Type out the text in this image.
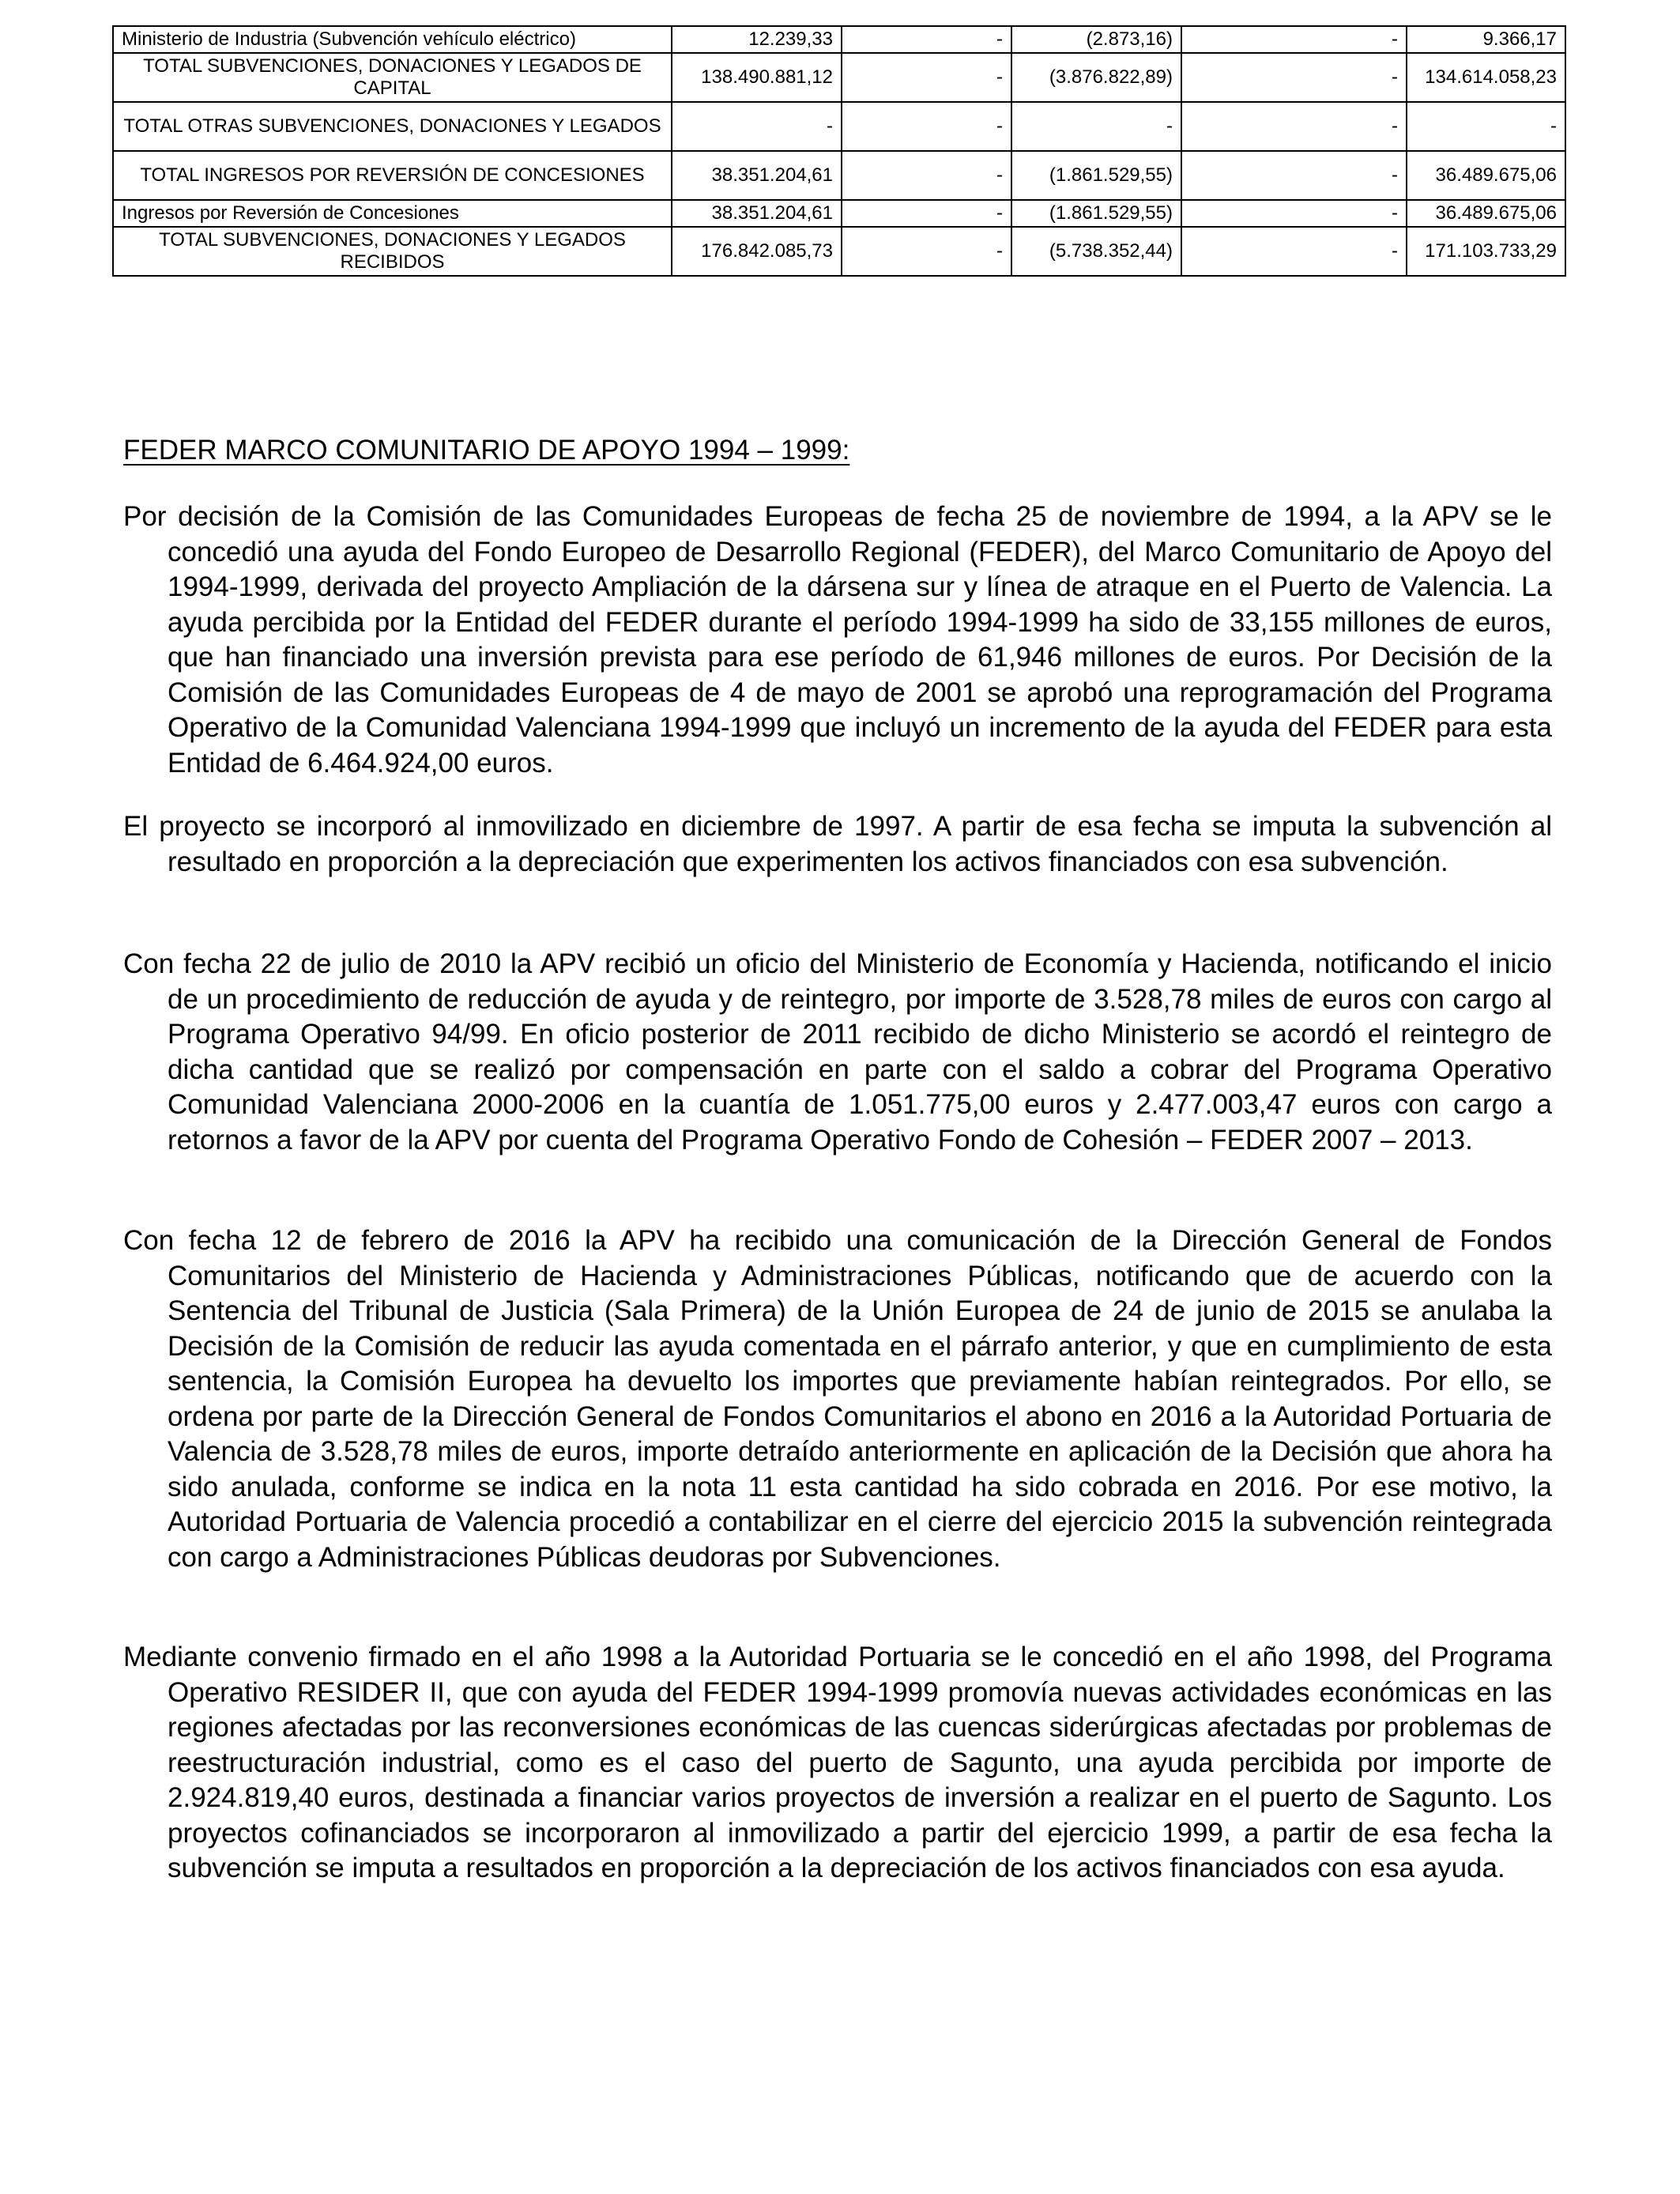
Ministerio de Industria (Subvención vehículo eléctrico)	12.239,33	-	(2.873,16)	-	9.366,17
TOTAL SUBVENCIONES, DONACIONES Y LEGADOS DE CAPITAL	138.490.881,12	-	(3.876.822,89)	-	134.614.058,23
TOTAL OTRAS SUBVENCIONES, DONACIONES Y LEGADOS	-	-	-	-	-
TOTAL INGRESOS POR REVERSIÓN DE CONCESIONES	38.351.204,61	-	(1.861.529,55)	-	36.489.675,06
Ingresos por Reversión de Concesiones	38.351.204,61	-	(1.861.529,55)	-	36.489.675,06
TOTAL SUBVENCIONES, DONACIONES Y LEGADOS RECIBIDOS	176.842.085,73	-	(5.738.352,44)	-	171.103.733,29
FEDER MARCO COMUNITARIO DE APOYO 1994 – 1999:

Por decisión de la Comisión de las Comunidades Europeas de fecha 25 de noviembre de 1994, a la APV se le concedió una ayuda del Fondo Europeo de Desarrollo Regional (FEDER), del Marco Comunitario de Apoyo del 1994-1999, derivada del proyecto Ampliación de la dársena sur y línea de atraque en el Puerto de Valencia. La ayuda percibida por la Entidad del FEDER durante el período 1994-1999 ha sido de 33,155 millones de euros, que han financiado una inversión prevista para ese período de 61,946 millones de euros. Por Decisión de la Comisión de las Comunidades Europeas de 4 de mayo de 2001 se aprobó una reprogramación del Programa Operativo de la Comunidad Valenciana 1994-1999 que incluyó un incremento de la ayuda del FEDER para esta Entidad de 6.464.924,00 euros.

El proyecto se incorporó al inmovilizado en diciembre de 1997. A partir de esa fecha se imputa la subvención al resultado en proporción a la depreciación que experimenten los activos financiados con esa subvención.

Con fecha 22 de julio de 2010 la APV recibió un oficio del Ministerio de Economía y Hacienda, notificando el inicio de un procedimiento de reducción de ayuda y de reintegro, por importe de 3.528,78 miles de euros con cargo al Programa Operativo 94/99. En oficio posterior de 2011 recibido de dicho Ministerio se acordó el reintegro de dicha cantidad que se realizó por compensación en parte con el saldo a cobrar del Programa Operativo Comunidad Valenciana 2000-2006 en la cuantía de 1.051.775,00 euros y 2.477.003,47 euros con cargo a retornos a favor de la APV por cuenta del Programa Operativo Fondo de Cohesión – FEDER 2007 – 2013.

Con fecha 12 de febrero de 2016 la APV ha recibido una comunicación de la Dirección General de Fondos Comunitarios del Ministerio de Hacienda y Administraciones Públicas, notificando que de acuerdo con la Sentencia del Tribunal de Justicia (Sala Primera) de la Unión Europea de 24 de junio de 2015 se anulaba la Decisión de la Comisión de reducir las ayuda comentada en el párrafo anterior, y que en cumplimiento de esta sentencia, la Comisión Europea ha devuelto los importes que previamente habían reintegrados. Por ello, se ordena por parte de la Dirección General de Fondos Comunitarios el abono en 2016 a la Autoridad Portuaria de Valencia de 3.528,78 miles de euros, importe detraído anteriormente en aplicación de la Decisión que ahora ha sido anulada, conforme se indica en la nota 11 esta cantidad ha sido cobrada en 2016. Por ese motivo, la Autoridad Portuaria de Valencia procedió a contabilizar en el cierre del ejercicio 2015 la subvención reintegrada con cargo a Administraciones Públicas deudoras por Subvenciones.

Mediante convenio firmado en el año 1998 a la Autoridad Portuaria se le concedió en el año 1998, del Programa Operativo RESIDER II, que con ayuda del FEDER 1994-1999 promovía nuevas actividades económicas en las regiones afectadas por las reconversiones económicas de las cuencas siderúrgicas afectadas por problemas de reestructuración industrial, como es el caso del puerto de Sagunto, una ayuda percibida por importe de 2.924.819,40 euros, destinada a financiar varios proyectos de inversión a realizar en el puerto de Sagunto. Los proyectos cofinanciados se incorporaron al inmovilizado a partir del ejercicio 1999, a partir de esa fecha la subvención se imputa a resultados en proporción a la depreciación de los activos financiados con esa ayuda.
